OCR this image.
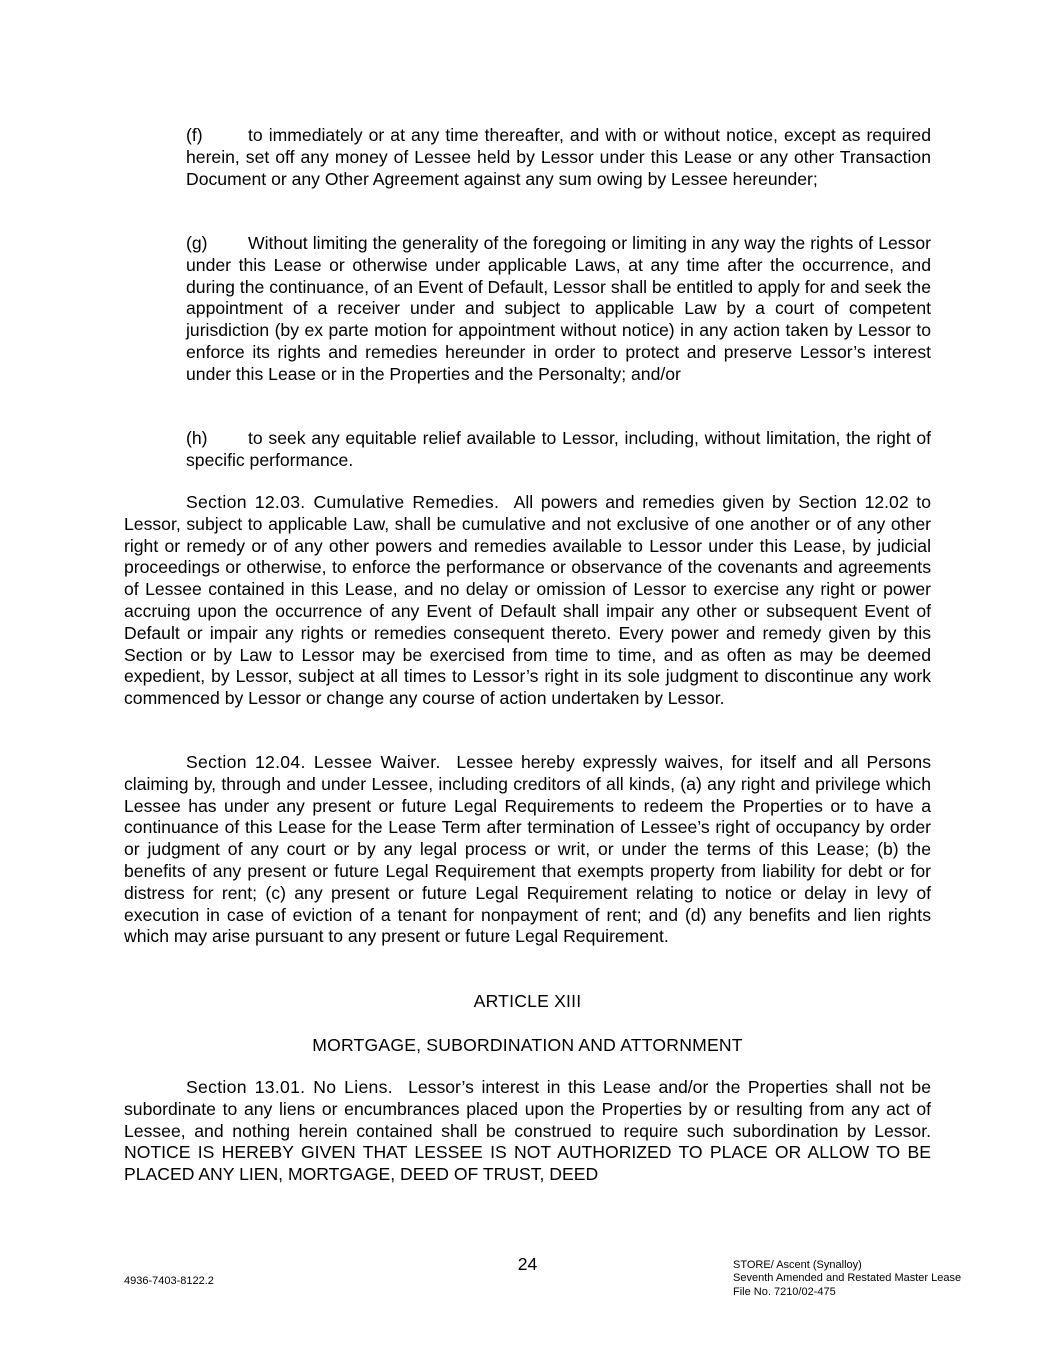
(f)	to immediately or at any time thereafter, and with or without notice, except as required herein, set off any money of Lessee held by Lessor under this Lease or any other Transaction Document or any Other Agreement against any sum owing by Lessee hereunder;

(g) Without limiting the generality of the foregoing or limiting in any way the rights of Lessor under this Lease or otherwise under applicable Laws, at any time after the occurrence, and during the continuance, of an Event of Default, Lessor shall be entitled to apply for and seek the appointment of a receiver under and subject to applicable Law by a court of competent jurisdiction (by ex parte motion for appointment without notice) in any action taken by Lessor to enforce its rights and remedies hereunder in order to protect and preserve Lessor’s interest under this Lease or in the Properties and the Personalty; and/or

(h) to seek any equitable relief available to Lessor, including, without limitation, the right of specific performance.

Section 12.03. Cumulative Remedies. All powers and remedies given by Section 12.02 to Lessor, subject to applicable Law, shall be cumulative and not exclusive of one another or of any other right or remedy or of any other powers and remedies available to Lessor under this Lease, by judicial proceedings or otherwise, to enforce the performance or observance of the covenants and agreements of Lessee contained in this Lease, and no delay or omission of Lessor to exercise any right or power accruing upon the occurrence of any Event of Default shall impair any other or subsequent Event of Default or impair any rights or remedies consequent thereto. Every power and remedy given by this Section or by Law to Lessor may be exercised from time to time, and as often as may be deemed expedient, by Lessor, subject at all times to Lessor’s right in its sole judgment to discontinue any work commenced by Lessor or change any course of action undertaken by Lessor.

Section 12.04. Lessee Waiver. Lessee hereby expressly waives, for itself and all Persons claiming by, through and under Lessee, including creditors of all kinds, (a) any right and privilege which Lessee has under any present or future Legal Requirements to redeem the Properties or to have a continuance of this Lease for the Lease Term after termination of Lessee’s right of occupancy by order or judgment of any court or by any legal process or writ, or under the terms of this Lease; (b) the benefits of any present or future Legal Requirement that exempts property from liability for debt or for distress for rent; (c) any present or future Legal Requirement relating to notice or delay in levy of execution in case of eviction of a tenant for nonpayment of rent; and (d) any benefits and lien rights which may arise pursuant to any present or future Legal Requirement.

ARTICLE XIII

MORTGAGE, SUBORDINATION AND ATTORNMENT

Section 13.01. No Liens. Lessor’s interest in this Lease and/or the Properties shall not be subordinate to any liens or encumbrances placed upon the Properties by or resulting from any act of Lessee, and nothing herein contained shall be construed to require such subordination by Lessor. NOTICE IS HEREBY GIVEN THAT LESSEE IS NOT AUTHORIZED TO PLACE OR ALLOW TO BE PLACED ANY LIEN, MORTGAGE, DEED OF TRUST, DEED

24
4936-7403-8122.2
STORE/ Ascent (Synalloy)
Seventh Amended and Restated Master Lease
File No. 7210/02-475
